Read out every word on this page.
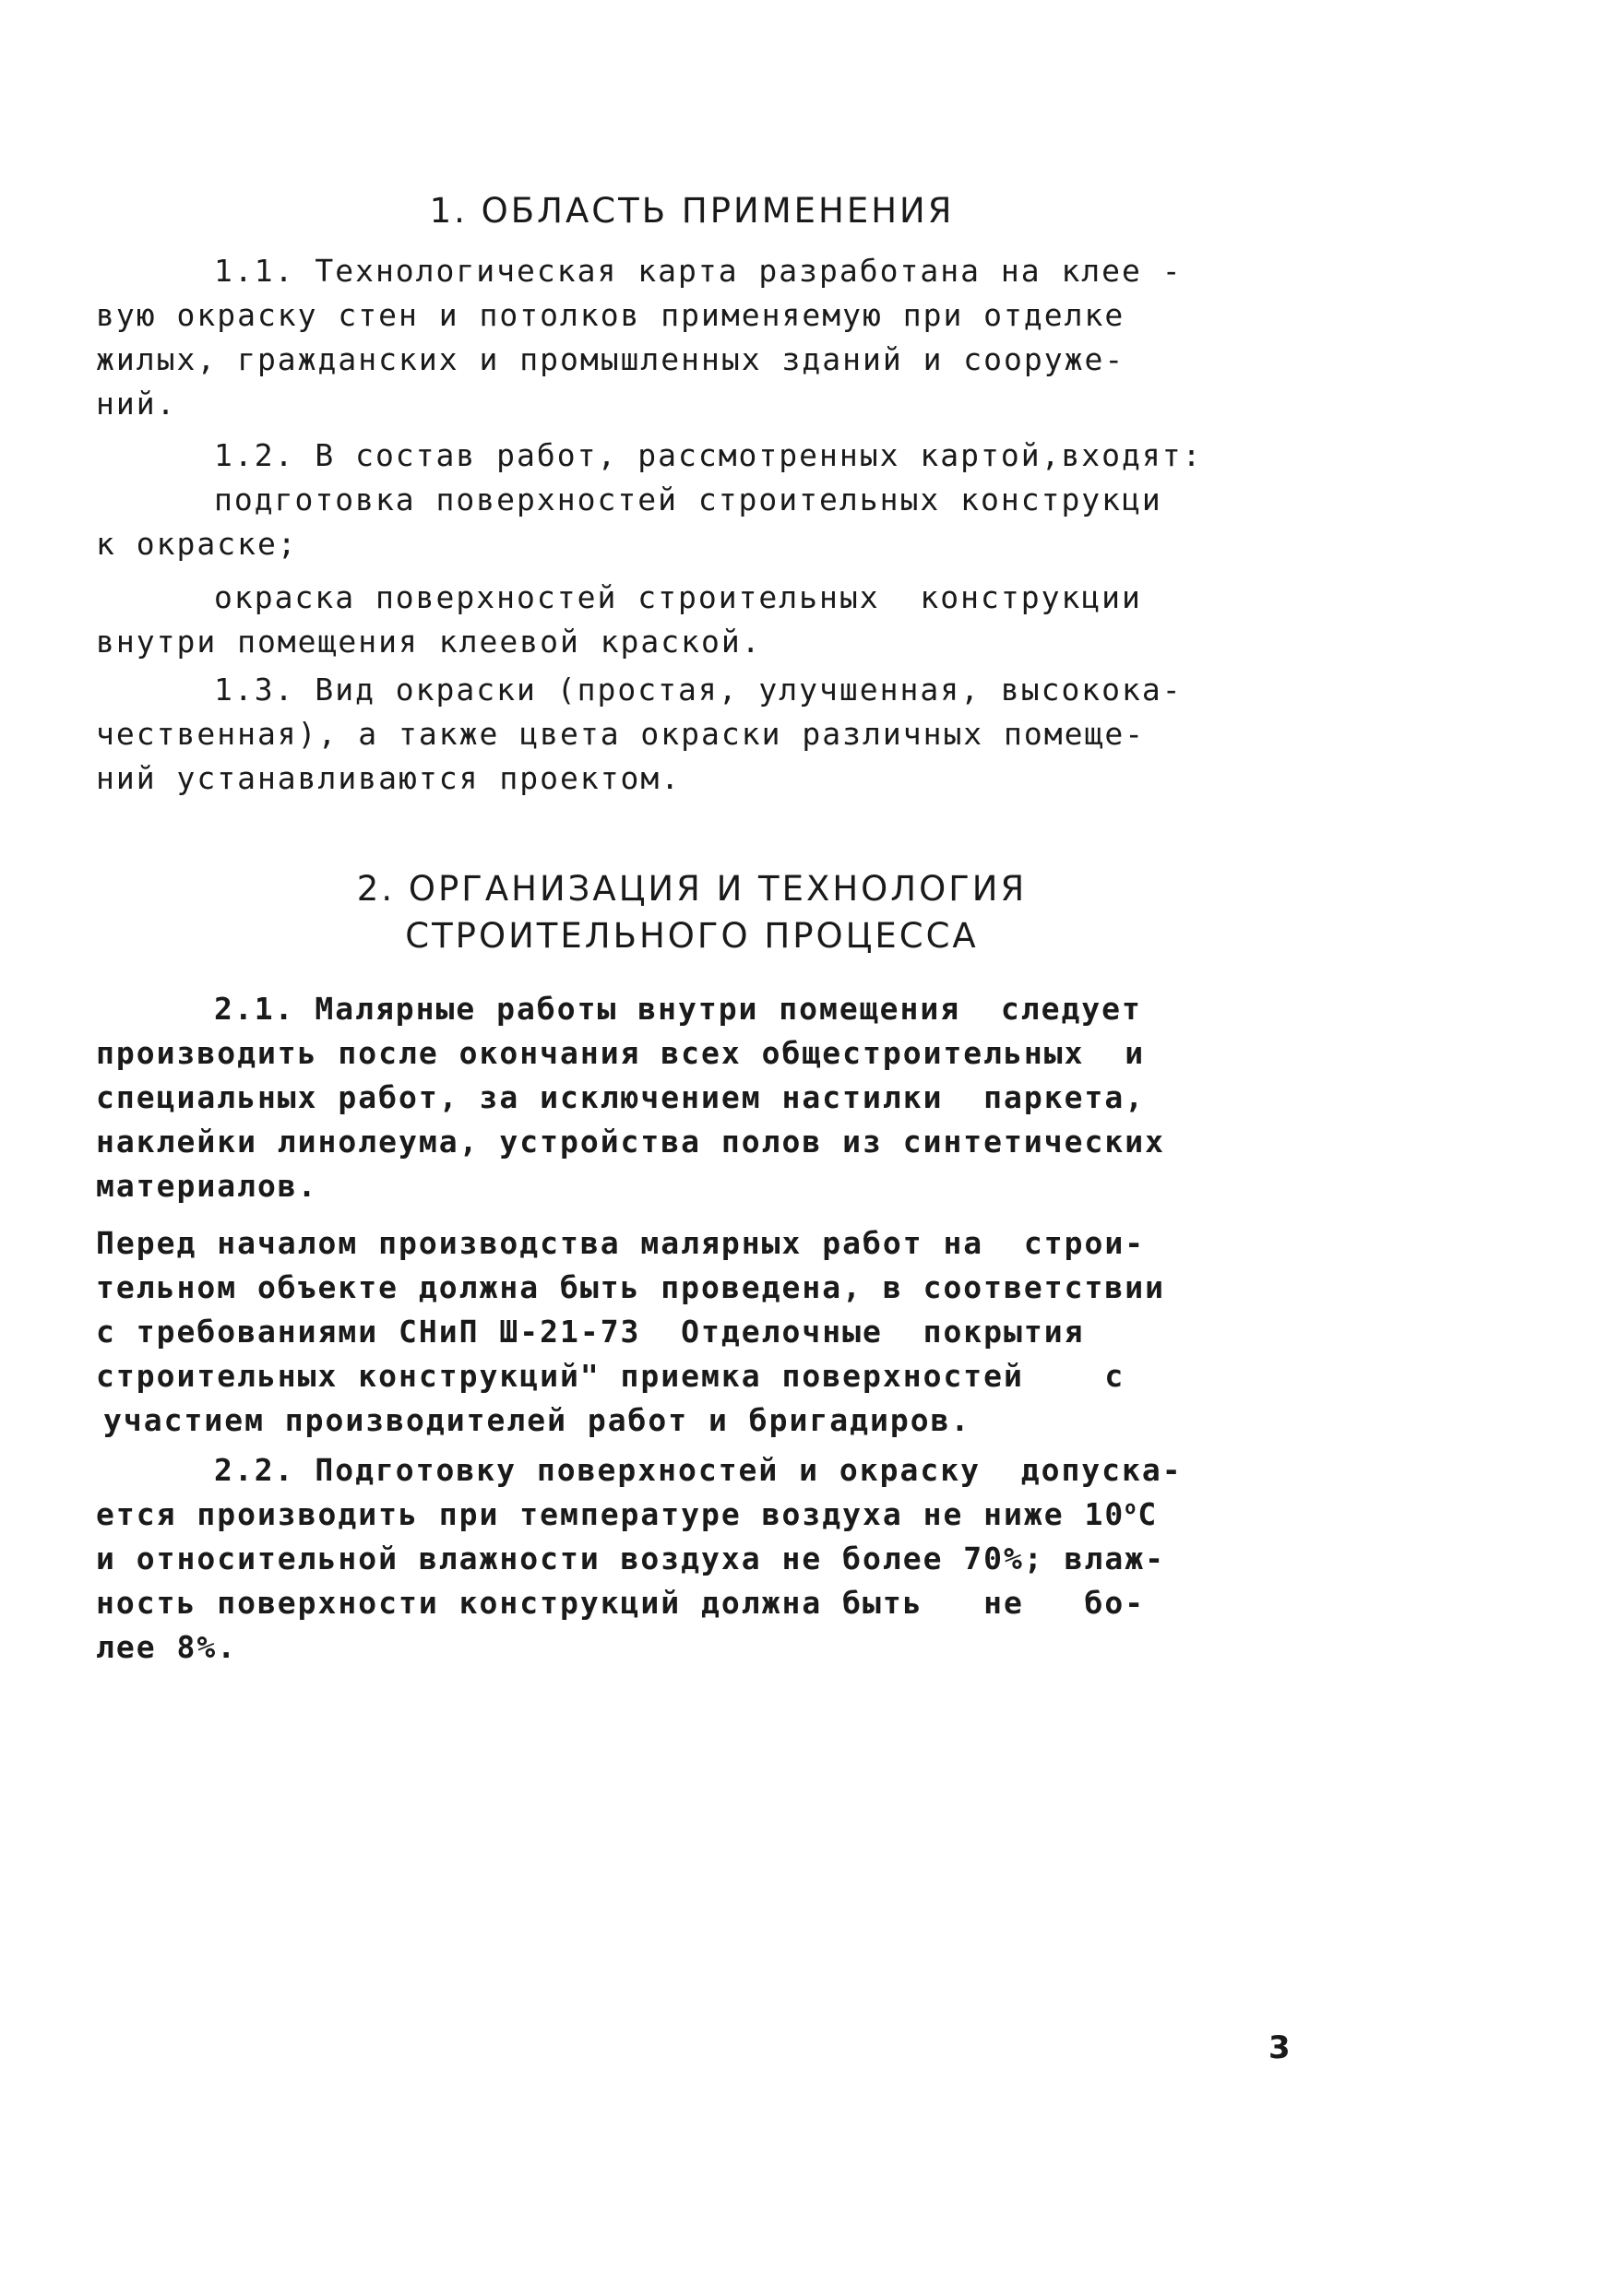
1. ОБЛАСТЬ ПРИМЕНЕНИЯ

1.1. Технологическая карта разработана на клее -

вую окраску стен и потолков применяемую при отделке

жилых, гражданских и промышленных зданий и сооруже-

ний.

1.2. В состав работ, рассмотренных картой,входят:

подготовка поверхностей строительных конструкци

к окраске;

окраска поверхностей строительных  конструкции

внутри помещения клеевой краской.

1.3. Вид окраски (простая, улучшенная, высокока-

чественная), а также цвета окраски различных помеще-

ний устанавливаются проектом.

2. ОРГАНИЗАЦИЯ И ТЕХНОЛОГИЯ
СТРОИТЕЛЬНОГО ПРОЦЕССА

2.1. Малярные работы внутри помещения  следует

производить после окончания всех общестроительных  и

специальных работ, за исключением настилки  паркета,

наклейки линолеума, устройства полов из синтетических

материалов.

Перед началом производства малярных работ на  строи-

тельном объекте должна быть проведена, в соответствии

с требованиями СНиП Ш-21-73  Отделочные  покрытия

строительных конструкций" приемка поверхностей    с

участием производителей работ и бригадиров.

2.2. Подготовку поверхностей и окраску  допуска-

ется производить при температуре воздуха не ниже 10$^o$C

и относительной влажности воздуха не более 70%; влаж-

ность поверхности конструкций должна быть   не   бо-

лее 8%.

3
